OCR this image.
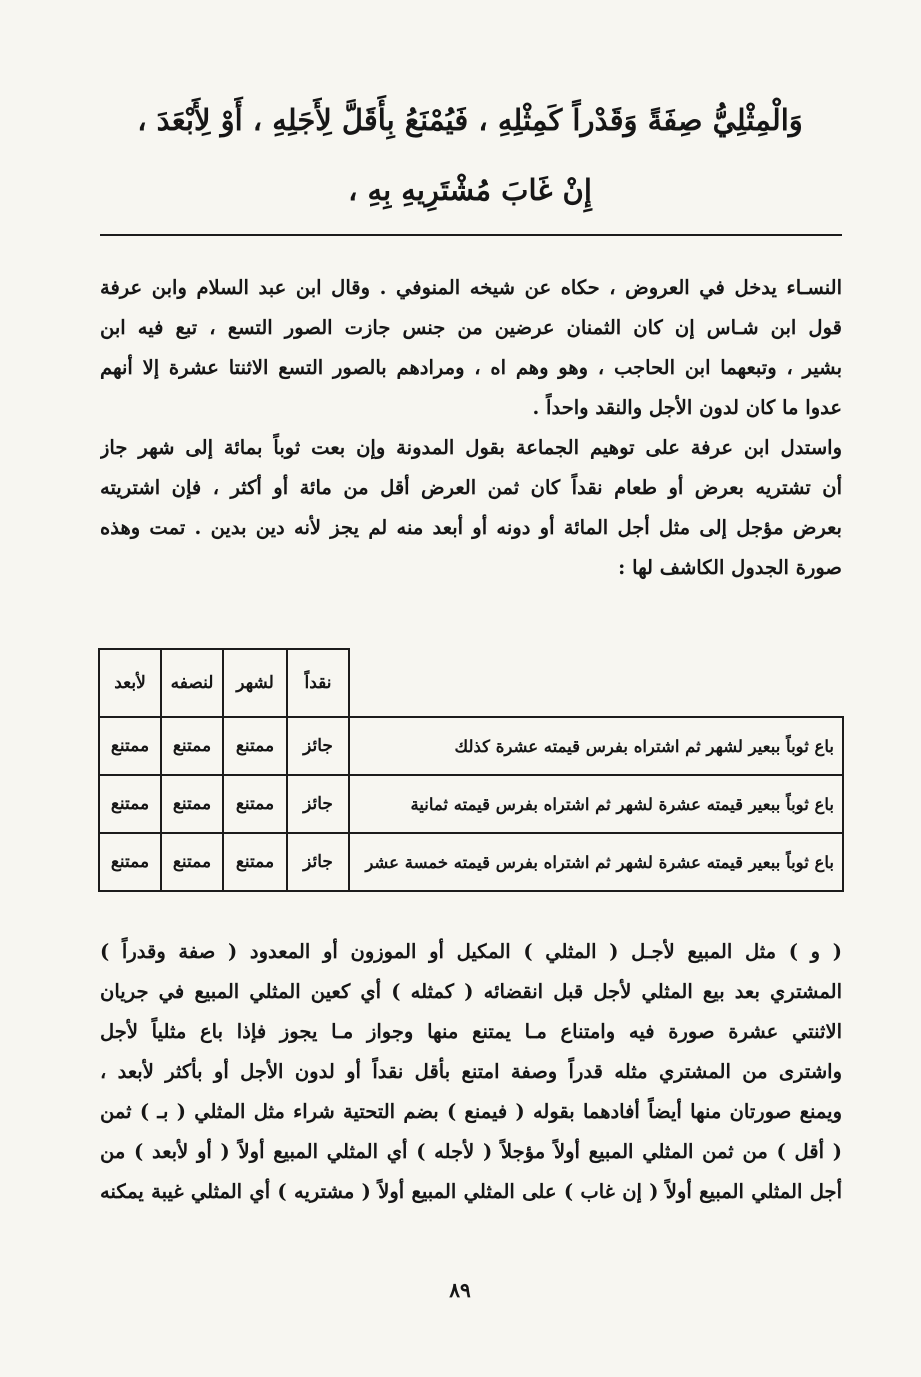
وَالْمِثْلِيُّ صِفَةً وَقَدْراً كَمِثْلِهِ ، فَيُمْنَعُ بِأَقَلَّ لِأَجَلِهِ ، أَوْ لِأَبْعَدَ ،
إِنْ غَابَ مُشْتَرِيهِ بِهِ ،
النسـاء يدخل في العروض ، حكاه عن شيخه المنوفي . وقال ابن عبد السلام وابن عرفة
قول ابن شـاس إن كان الثمنان عرضين من جنس جازت الصور التسع ، تبع فيه ابن
بشير ، وتبعهما ابن الحاجب ، وهو وهم اه ، ومرادهم بالصور التسع الاثنتا عشرة إلا أنهم
عدوا ما كان لدون الأجل والنقد واحداً .
واستدل ابن عرفة على توهيم الجماعة بقول المدونة وإن بعت ثوباً بمائة إلى شهر جاز
أن تشتريه بعرض أو طعام نقداً كان ثمن العرض أقل من مائة أو أكثر ، فإن اشتريته
بعرض مؤجل إلى مثل أجل المائة أو دونه أو أبعد منه لم يجز لأنه دين بدين . تمت وهذه
صورة الجدول الكاشف لها :
	نقداً	لشهر	لنصفه	لأبعد
باع ثوباً ببعير لشهر ثم اشتراه بفرس قيمته عشرة كذلك	جائز	ممتنع	ممتنع	ممتنع
باع ثوباً ببعير قيمته عشرة لشهر ثم اشتراه بفرس قيمته ثمانية	جائز	ممتنع	ممتنع	ممتنع
باع ثوباً ببعير قيمته عشرة لشهر ثم اشتراه بفرس قيمته خمسة عشر	جائز	ممتنع	ممتنع	ممتنع
( و ) مثل المبيع لأجـل ( المثلي ) المكيل أو الموزون أو المعدود ( صفة وقدراً )
المشتري بعد بيع المثلي لأجل قبل انقضائه ( كمثله ) أي كعين المثلي المبيع في جريان
الاثنتي عشرة صورة فيه وامتناع مـا يمتنع منها وجواز مـا يجوز فإذا باع مثلياً لأجل
واشترى من المشتري مثله قدراً وصفة امتنع بأقل نقداً أو لدون الأجل أو بأكثر لأبعد ،
ويمنع صورتان منها أيضاً أفادهما بقوله ( فيمنع ) بضم التحتية شراء مثل المثلي ( بـ ) ثمن
( أقل ) من ثمن المثلي المبيع أولاً مؤجلاً ( لأجله ) أي المثلي المبيع أولاً ( أو لأبعد ) من
أجل المثلي المبيع أولاً ( إن غاب ) على المثلي المبيع أولاً ( مشتريه ) أي المثلي غيبة يمكنه
٨٩
